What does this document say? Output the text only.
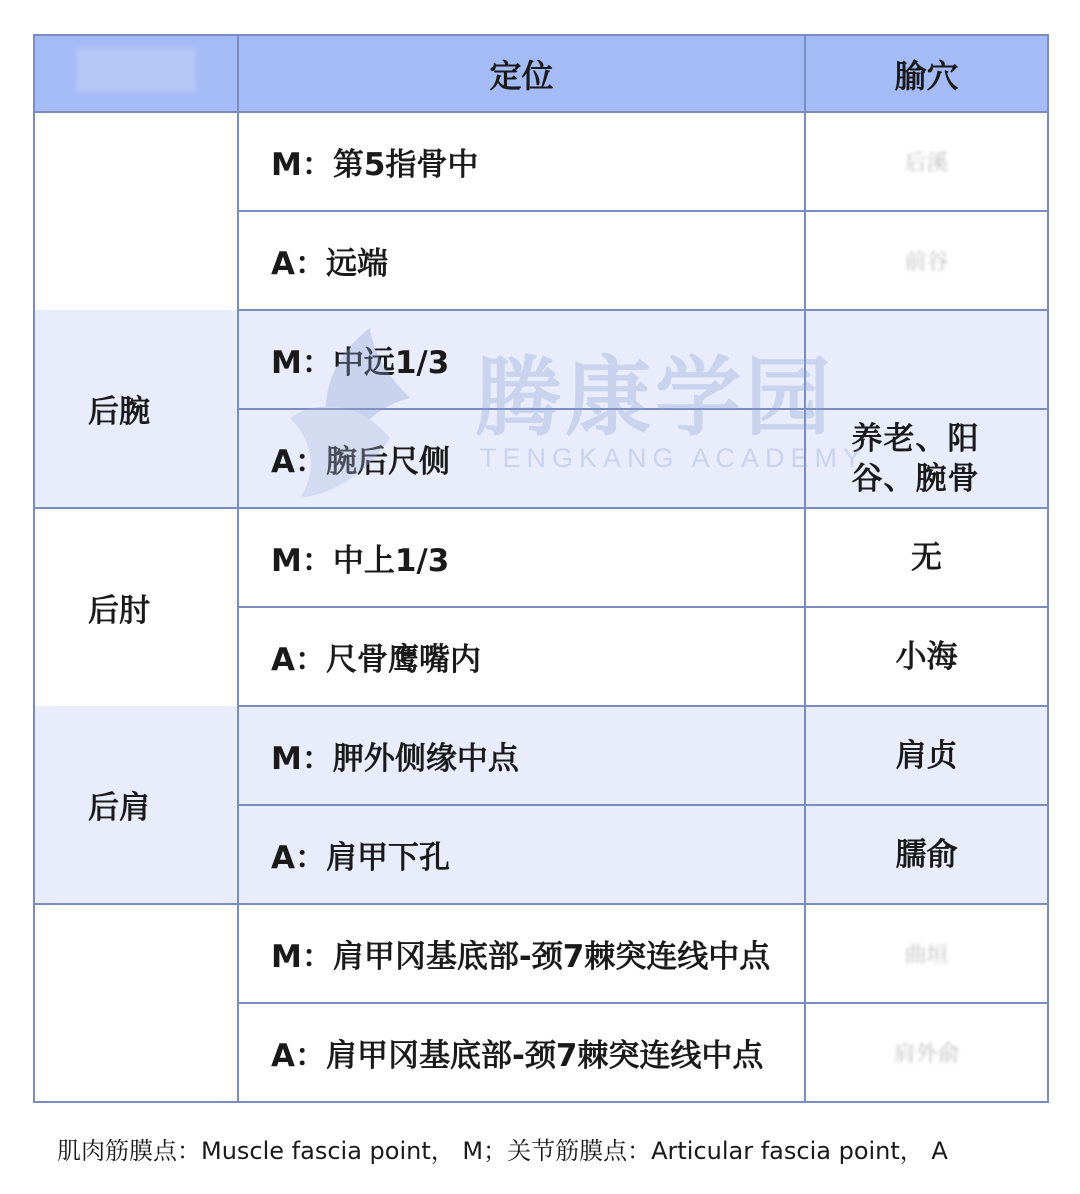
	定位	腧穴
	M：第5指骨中	后溪
	A：远端	前谷
后腕	M：中远1/3	
	A：腕后尺侧	养老、阳谷、腕骨

后肘	M：中上1/3	无
	A：尺骨鹰嘴内	小海
后肩	M：胛外侧缘中点	肩贞
	A：肩甲下孔	臑俞
	M：肩甲冈基底部-颈7棘突连线中点	曲垣
	A：肩甲冈基底部-颈7棘突连线中点	肩外俞
腾康学园
TENGKANG ACADEMY
肌肉筋膜点：Muscle fascia point， M；关节筋膜点：Articular fascia point， A
